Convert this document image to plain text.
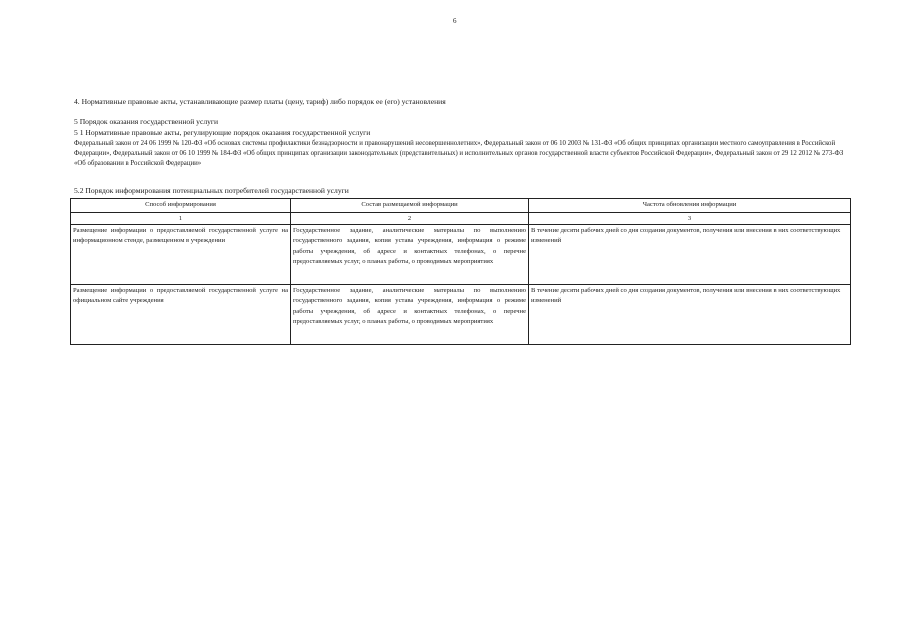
6
4. Нормативные правовые акты, устанавливающие размер платы (цену, тариф) либо порядок ее (его) установления
5 Порядок оказания государственной услуги
5 1 Нормативные правовые акты, регулирующие порядок оказания государственной услуги
Федеральный закон от 24 06 1999 № 120-ФЗ «Об основах системы профилактики безнадзорности и правонарушений несовершеннолетних», Федеральный закон от 06 10 2003 № 131-ФЗ «Об общих принципах организации местного самоуправления в Российской Федерации», Федеральный закон от 06 10 1999 № 184-ФЗ «Об общих принципах организации законодательных (представительных) и исполнительных органов государственной власти субъектов Российской Федерации», Федеральный закон от 29 12 2012 № 273-ФЗ «Об образовании в Российской Федерации»
5.2 Порядок информирования потенциальных потребителей государственной услуги
Способ информирования	Состав размещаемой информации	Частота обновления информации
1	2	3
Размещение информации о предоставляемой государственной услуге на информационном стенде, размещенном в учреждении	Государственное задание, аналитические материалы по выполнению государственного задания, копия устава учреждения, информация о режиме работы учреждения, об адресе и контактных телефонах, о перечне предоставляемых услуг, о планах работы, о проводимых мероприятиях	В течение десяти рабочих дней со дня создания документов, получения или внесения в них соответствующих изменений
Размещение информации о предоставляемой государственной услуге на официальном сайте учреждения	Государственное задание, аналитические материалы по выполнению государственного задания, копия устава учреждения, информация о режиме работы учреждения, об адресе и контактных телефонах, о перечне предоставляемых услуг, о планах работы, о проводимых мероприятиях	В течение десяти рабочих дней со дня создания документов, получения или внесения в них соответствующих изменений
